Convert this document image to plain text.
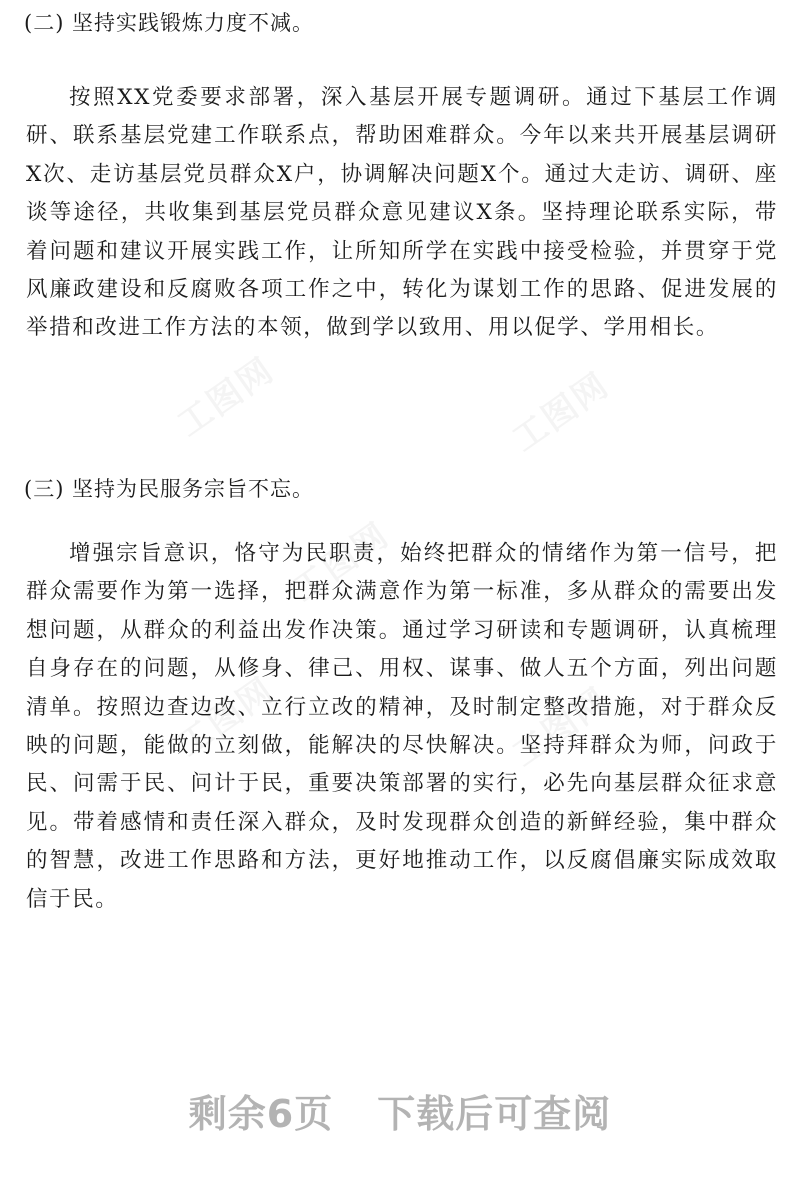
工图网	工图网
工图网
工图网	工图网
(二) 坚持实践锻炼力度不减。
按照XX党委要求部署，深入基层开展专题调研。通过下基层工作调研、联系基层党建工作联系点，帮助困难群众。今年以来共开展基层调研X次、走访基层党员群众X户，协调解决问题X个。通过大走访、调研、座谈等途径，共收集到基层党员群众意见建议X条。坚持理论联系实际，带着问题和建议开展实践工作，让所知所学在实践中接受检验，并贯穿于党风廉政建设和反腐败各项工作之中，转化为谋划工作的思路、促进发展的举措和改进工作方法的本领，做到学以致用、用以促学、学用相长。
(三) 坚持为民服务宗旨不忘。
增强宗旨意识，恪守为民职责，始终把群众的情绪作为第一信号，把群众需要作为第一选择，把群众满意作为第一标准，多从群众的需要出发想问题，从群众的利益出发作决策。通过学习研读和专题调研，认真梳理自身存在的问题，从修身、律己、用权、谋事、做人五个方面，列出问题清单。按照边查边改、立行立改的精神，及时制定整改措施，对于群众反映的问题，能做的立刻做，能解决的尽快解决。坚持拜群众为师，问政于民、问需于民、问计于民，重要决策部署的实行，必先向基层群众征求意见。带着感情和责任深入群众，及时发现群众创造的新鲜经验，集中群众的智慧，改进工作思路和方法，更好地推动工作，以反腐倡廉实际成效取信于民。
剩余6页 下载后可查阅
